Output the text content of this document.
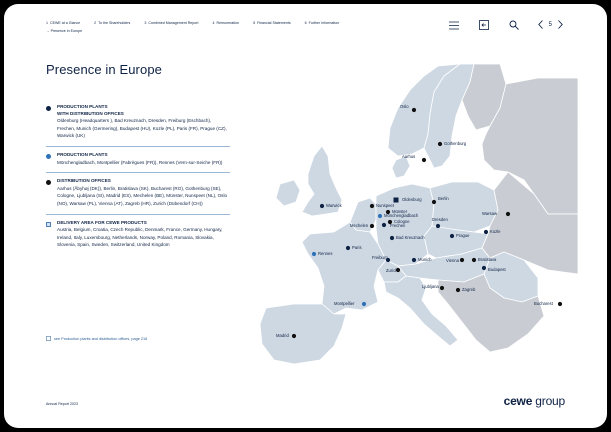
1 CEWE at a Glance	2 To the Shareholders	3 Combined Management Report	4 Remuneration	5 Financial Statements	6 Further Information
→ Presence in Europe
5
Presence in Europe
PRODUCTION PLANTS
WITH DISTRIBUTION OFFICES
Oldenburg (Headquarters ), Bad Kreuznach, Dresden, Freiburg (Eschbach), Frechen, Munich (Germering), Budapest (HU), Kozle (PL), Paris (FR), Prague (CZ), Warwick (UK)
PRODUCTION PLANTS
Mönchengladbach, Montpellier (Fabrègues (FR)), Rennes (Vern-sur-Seiche (FR))
DISTRIBUTION OFFICES
Aarhus (Åbyhøj (DK)), Berlin, Bratislava (SK), Bucharest (RO), Gothenburg (SE), Cologne, Ljubljana (SI), Madrid (ES), Mechelen (BE), Münster, Nunspeet (NL), Oslo (NO), Warsaw (PL), Vienna (AT), Zagreb (HR), Zurich (Dübendorf (CH))
DELIVERY AREA FOR CEWE PRODUCTS
Austria, Belgium, Croatia, Czech Republic, Denmark, France, Germany, Hungary, Ireland, Italy, Luxembourg, Netherlands, Norway, Poland, Romania, Slovakia, Slovenia, Spain, Sweden, Switzerland, United Kingdom
see Production plants and distribution offices, page 216
Oslo
Gothenburg
Aarhus
Oldenburg	Berlin
Nunspeet
Münster
Mönchengladbach
Cologne
Frechen
Mechelen
Bad Kreuznach
Dresden
Warsaw
Kozle
Prague
Warwick
Paris
Rennes
Freiburg	Munich
Zurich
Vienna	Bratislava
Budapest
Ljubljana
Zagreb
Bucharest
Montpellier
Madrid
Annual Report 2023	cewe group
